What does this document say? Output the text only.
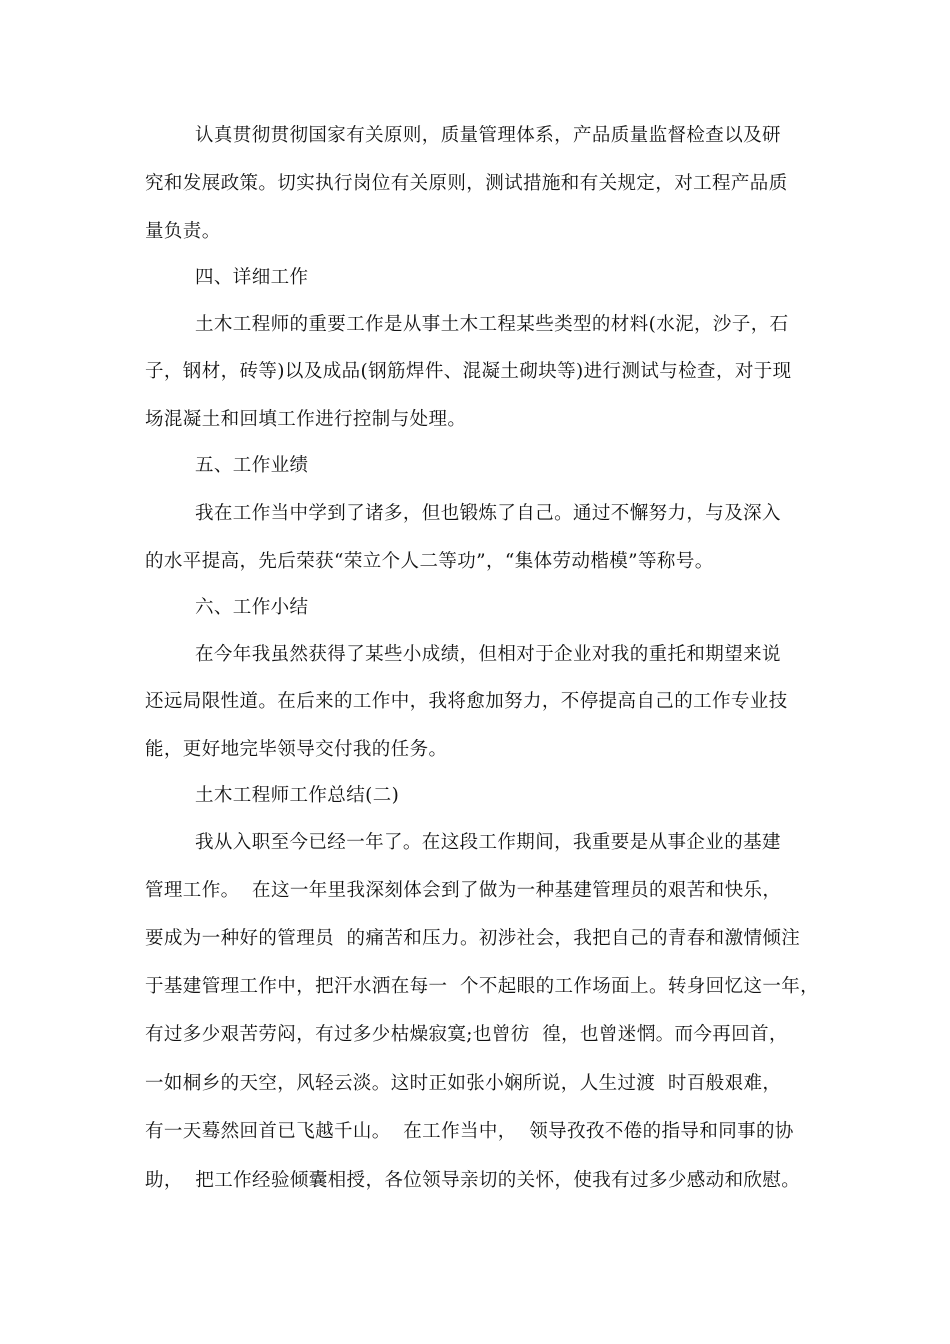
认真贯彻贯彻国家有关原则，质量管理体系，产品质量监督检查以及研
究和发展政策。切实执行岗位有关原则，测试措施和有关规定，对工程产品质
量负责。
四、详细工作
土木工程师的重要工作是从事土木工程某些类型的材料(水泥，沙子，石
子，钢材，砖等)以及成品(钢筋焊件、混凝土砌块等)进行测试与检查，对于现
场混凝土和回填工作进行控制与处理。
五、工作业绩
我在工作当中学到了诸多，但也锻炼了自己。通过不懈努力，与及深入
的水平提高，先后荣获“荣立个人二等功”，“集体劳动楷模”等称号。
六、工作小结
在今年我虽然获得了某些小成绩，但相对于企业对我的重托和期望来说
还远局限性道。在后来的工作中，我将愈加努力，不停提高自己的工作专业技
能，更好地完毕领导交付我的任务。
土木工程师工作总结(二)
我从入职至今已经一年了。在这段工作期间，我重要是从事企业的基建
管理工作。  在这一年里我深刻体会到了做为一种基建管理员的艰苦和快乐，
要成为一种好的管理员  的痛苦和压力。初涉社会，我把自己的青春和激情倾注
于基建管理工作中，把汗水洒在每一  个不起眼的工作场面上。转身回忆这一年，
有过多少艰苦劳闷，有过多少枯燥寂寞;也曾彷  徨，也曾迷惘。而今再回首，
一如桐乡的天空，风轻云淡。这时正如张小娴所说，人生过渡  时百般艰难，
有一天蓦然回首已飞越千山。  在工作当中，  领导孜孜不倦的指导和同事的协
助，  把工作经验倾囊相授，各位领导亲切的关怀，使我有过多少感动和欣慰。
